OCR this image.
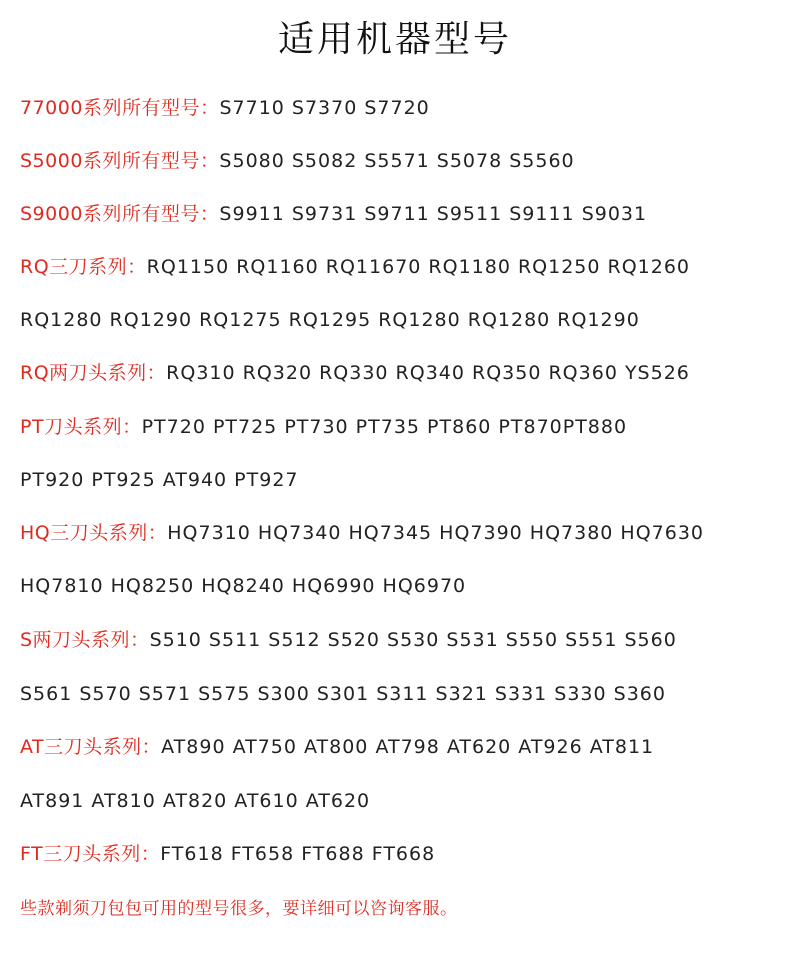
适用机器型号
77000系列所有型号：S7710 S7370 S7720
S5000系列所有型号：S5080 S5082 S5571 S5078 S5560
S9000系列所有型号：S9911 S9731 S9711 S9511 S9111 S9031
RQ三刀系列：RQ1150 RQ1160 RQ11670 RQ1180 RQ1250 RQ1260
RQ1280 RQ1290 RQ1275 RQ1295 RQ1280 RQ1280 RQ1290
RQ两刀头系列：RQ310 RQ320 RQ330 RQ340 RQ350 RQ360 YS526
PT刀头系列：PT720 PT725 PT730 PT735 PT860 PT870PT880
PT920 PT925 AT940 PT927
HQ三刀头系列：HQ7310 HQ7340 HQ7345 HQ7390 HQ7380 HQ7630
HQ7810 HQ8250 HQ8240 HQ6990 HQ6970
S两刀头系列：S510 S511 S512 S520 S530 S531 S550 S551 S560
S561 S570 S571 S575 S300 S301 S311 S321 S331 S330 S360
AT三刀头系列：AT890 AT750 AT800 AT798 AT620 AT926 AT811
AT891 AT810 AT820 AT610 AT620
FT三刀头系列：FT618 FT658 FT688 FT668
些款剃须刀包包可用的型号很多，要详细可以咨询客服。
